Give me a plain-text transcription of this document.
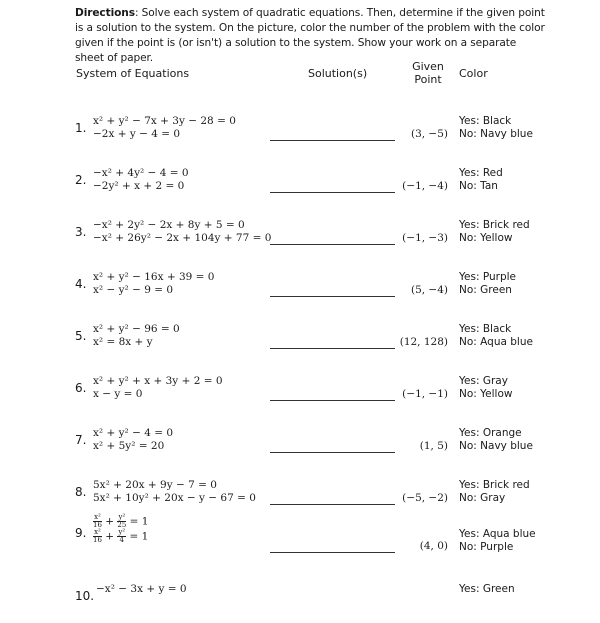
Directions: Solve each system of quadratic equations. Then, determine if the given point is a solution to the system. On the picture, color the number of the problem with the color given if the point is (or isn't) a solution to the system. Show your work on a separate sheet of paper.
System of Equations	Solution(s)
Given
Point	Color
1. x² + y² − 7x + 3y − 28 = 0
−2x + y − 4 = 0	(3, −5)
Yes: Black
No: Navy blue
2. −x² + 4y² − 4 = 0
−2y² + x + 2 = 0	(−1, −4)
Yes: Red
No: Tan
3. −x² + 2y² − 2x + 8y + 5 = 0
−x² + 26y² − 2x + 104y + 77 = 0	(−1, −3)
Yes: Brick red
No: Yellow
4. x² + y² − 16x + 39 = 0
x² − y² − 9 = 0	(5, −4)
Yes: Purple
No: Green
5. x² + y² − 96 = 0
x² = 8x + y	(12, 128)
Yes: Black
No: Aqua blue
6. x² + y² + x + 3y + 2 = 0
x − y = 0	(−1, −1)
Yes: Gray
No: Yellow
7. x² + y² − 4 = 0
x² + 5y² = 20	(1, 5)
Yes: Orange
No: Navy blue
8. 5x² + 20x + 9y − 7 = 0
5x² + 10y² + 20x − y − 67 = 0	(−5, −2)
Yes: Brick red
No: Gray
9.
$\frac{\text{x²}}{16} + \frac{\text{y²}}{25} = 1$
$\frac{\text{x²}}{16} + \frac{\text{y²}}{4} = 1$
(4, 0)
Yes: Aqua blue
No: Purple
10. −x² − 3x + y = 0	Yes: Green
